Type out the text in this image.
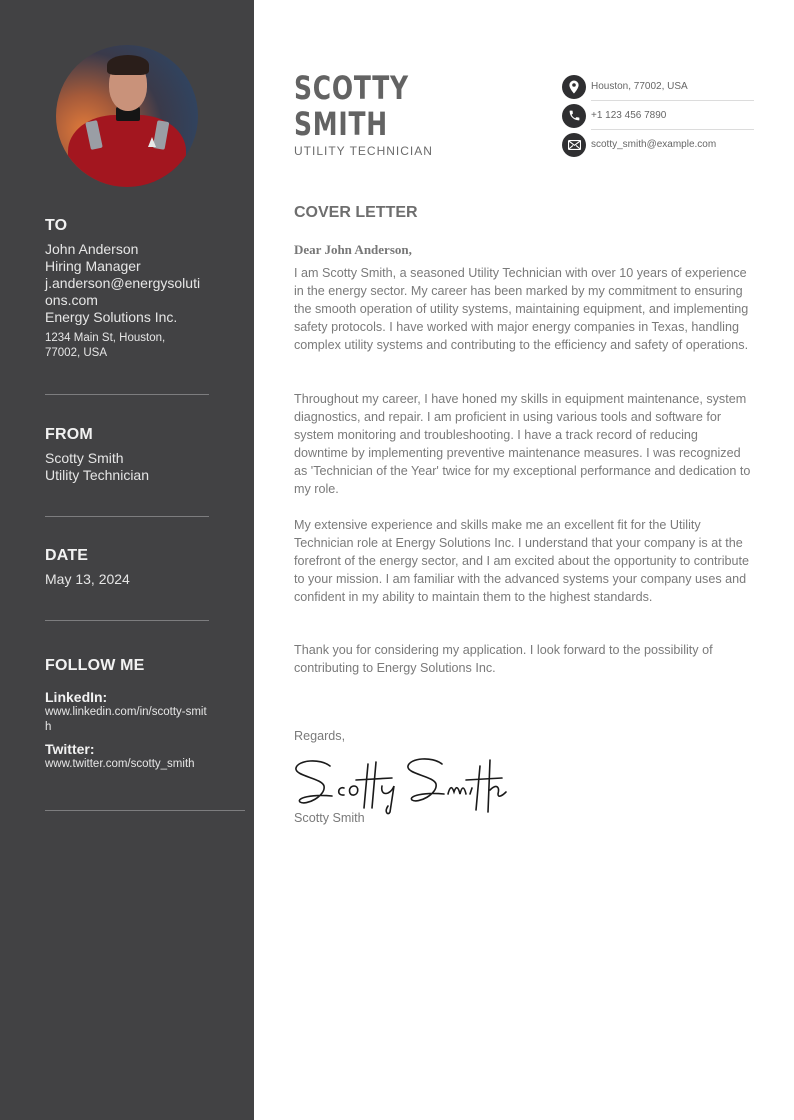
TO
John Anderson
Hiring Manager
j.anderson@energysolutions.com
Energy Solutions Inc.
1234 Main St, Houston, 77002, USA
FROM
Scotty Smith
Utility Technician
DATE
May 13, 2024
FOLLOW ME
LinkedIn:
www.linkedin.com/in/scotty-smith
Twitter:
www.twitter.com/scotty_smith
SCOTTY
SMITH
UTILITY TECHNICIAN
Houston, 77002, USA
+1 123 456 7890
scotty_smith@example.com
COVER LETTER
Dear John Anderson,
I am Scotty Smith, a seasoned Utility Technician with over 10 years of experience in the energy sector. My career has been marked by my commitment to ensuring the smooth operation of utility systems, maintaining equipment, and implementing safety protocols. I have worked with major energy companies in Texas, handling complex utility systems and contributing to the efficiency and safety of operations.
Throughout my career, I have honed my skills in equipment maintenance, system diagnostics, and repair. I am proficient in using various tools and software for system monitoring and troubleshooting. I have a track record of reducing downtime by implementing preventive maintenance measures. I was recognized as 'Technician of the Year' twice for my exceptional performance and dedication to my role.
My extensive experience and skills make me an excellent fit for the Utility Technician role at Energy Solutions Inc. I understand that your company is at the forefront of the energy sector, and I am excited about the opportunity to contribute to your mission. I am familiar with the advanced systems your company uses and confident in my ability to maintain them to the highest standards.
Thank you for considering my application. I look forward to the possibility of contributing to Energy Solutions Inc.
Regards,
Scotty Smith
